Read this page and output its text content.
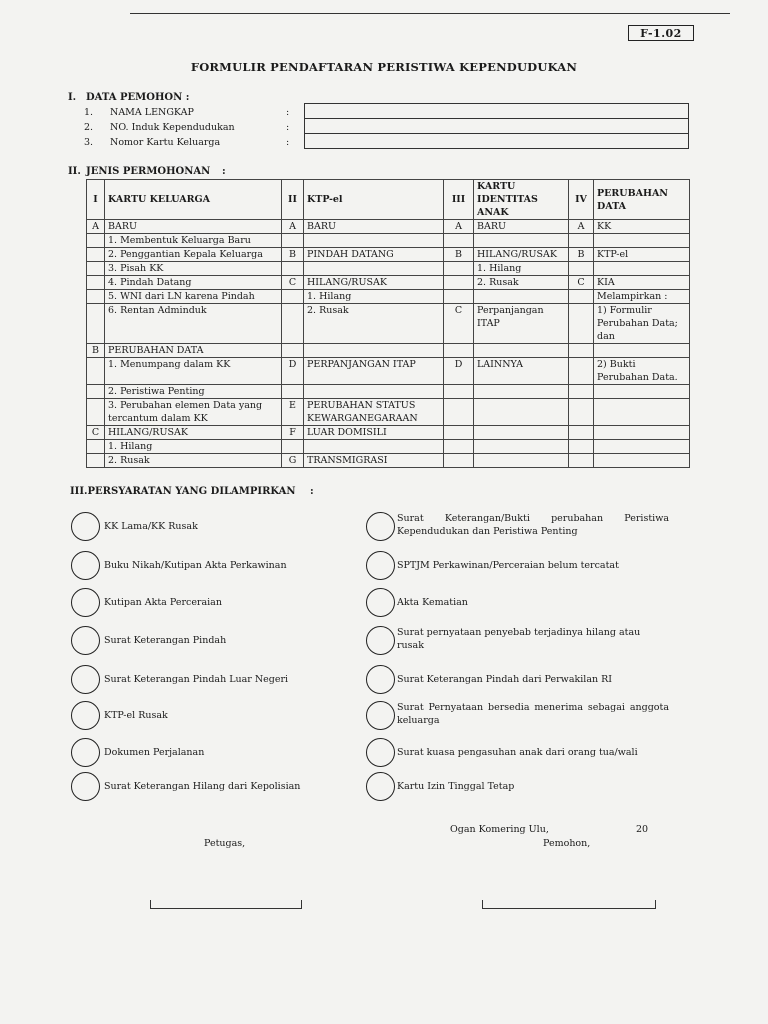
F-1.02
FORMULIR PENDAFTARAN PERISTIWA KEPENDUDUKAN
I. DATA PEMOHON :
1. NAMA LENGKAP	:
2. NO. Induk Kependudukan	:
3. Nomor Kartu Keluarga	:
II. JENIS PERMOHONAN :
I	KARTU KELUARGA	II	KTP-el	III	KARTU IDENTITAS ANAK	IV	PERUBAHAN DATA
A	BARU	A	BARU	A	BARU	A	KK
	1. Membentuk Keluarga Baru						
	2. Penggantian Kepala Keluarga	B	PINDAH DATANG	B	HILANG/RUSAK	B	KTP-el
	3. Pisah KK				1. Hilang		
	4. Pindah Datang	C	HILANG/RUSAK		2. Rusak	C	KIA
	5. WNI dari LN karena Pindah		1. Hilang				Melampirkan :
	6. Rentan Adminduk		2. Rusak	C	Perpanjangan ITAP		1) Formulir Perubahan Data; dan
B	PERUBAHAN DATA						
	1. Menumpang dalam KK	D	PERPANJANGAN ITAP	D	LAINNYA		2) Bukti Perubahan Data.
	2. Peristiwa Penting						
	3. Perubahan elemen Data yang tercantum dalam KK	E	PERUBAHAN STATUS KEWARGANEGARAAN				
C	HILANG/RUSAK	F	LUAR DOMISILI				
	1. Hilang						
	2. Rusak	G	TRANSMIGRASI				
III.PERSYARATAN YANG DILAMPIRKAN :
KK Lama/KK Rusak
Buku Nikah/Kutipan Akta Perkawinan
Kutipan Akta Perceraian
Surat Keterangan Pindah
Surat Keterangan Pindah Luar Negeri
KTP-el Rusak
Dokumen Perjalanan
Surat Keterangan Hilang dari Kepolisian
Surat Keterangan/Bukti perubahan Peristiwa Kependudukan dan Peristiwa Penting
SPTJM Perkawinan/Perceraian belum tercatat
Akta Kematian
Surat pernyataan penyebab terjadinya hilang atau rusak
Surat Keterangan Pindah dari Perwakilan RI
Surat Pernyataan bersedia menerima sebagai anggota keluarga
Surat kuasa pengasuhan anak dari orang tua/wali
Kartu Izin Tinggal Tetap
Ogan Komering Ulu,	20
Petugas,	Pemohon,
